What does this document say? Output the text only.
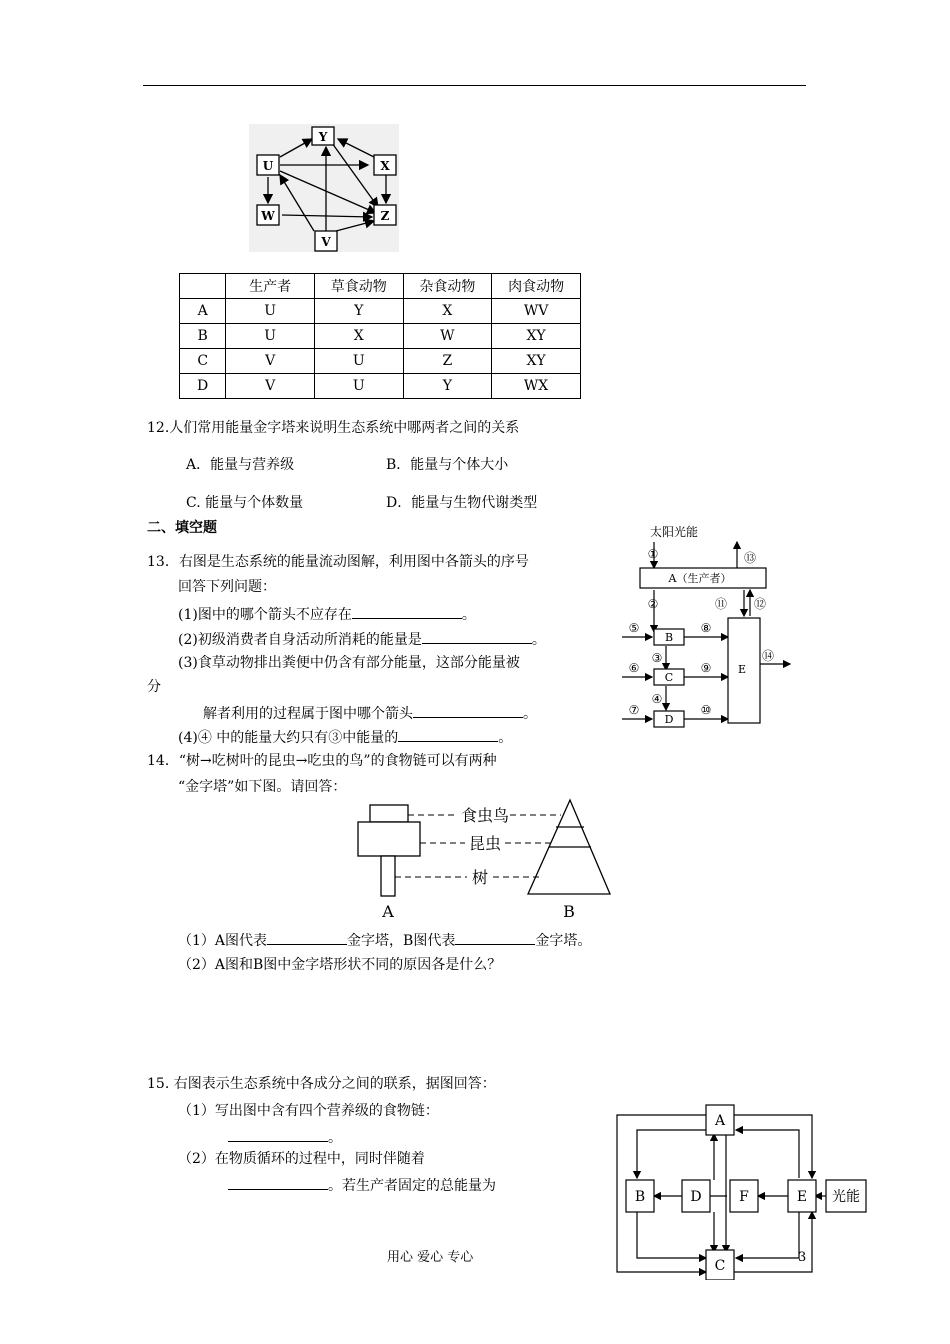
Y
U	X
W	Z
V
	生产者	草食动物	杂食动物	肉食动物
A	U	Y	X	WV
B	U	X	W	XY
C	V	U	Z	XY
D	V	U	Y	WX
12.人们常用能量金字塔来说明生态系统中哪两者之间的关系
A．能量与营养级	B．能量与个体大小
C. 能量与个体数量	D．能量与生物代谢类型
二、填空题
13．右图是生态系统的能量流动图解，利用图中各箭头的序号
回答下列问题：
(1)图中的哪个箭头不应存在	。
(2)初级消费者自身活动所消耗的能量是	。
(3)食草动物排出粪便中仍含有部分能量，这部分能量被
分
解者利用的过程属于图中哪个箭头	。
(4)④ 中的能量大约只有③中能量的	。
太阳光能
A（生产者）
B
C
D
E
①	⑬
②	⑪ ⑫
⑤	⑧
③	⑭
⑥	⑨
④
⑦	⑩
14．“树→吃树叶的昆虫→吃虫的鸟”的食物链可以有两种
“金字塔”如下图。请回答：
食虫鸟
昆虫
树
A	B
（1）A图代表	金字塔，B图代表	金字塔。
（2）A图和B图中金字塔形状不同的原因各是什么？
15. 右图表示生态系统中各成分之间的联系，据图回答：
（1）写出图中含有四个营养级的食物链：
。
（2）在物质循环的过程中，同时伴随着
。若生产者固定的总能量为
A
B	D	F	E
C
光能
用心 爱心 专心	3
